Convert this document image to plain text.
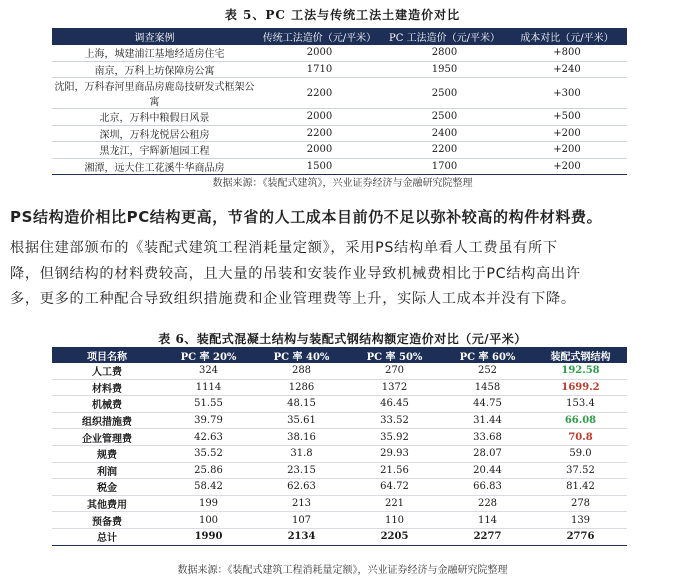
表 5、PC 工法与传统工法土建造价对比
调查案例	传统工法造价（元/平米）	PC 工法造价（元/平米）	成本对比（元/平米）
上海，城建浦江基地经适房住宅	2000	2800	+800
南京，万科上坊保障房公寓	1710	1950	+240
沈阳，万科春河里商品房鹿岛技研发式框架公寓	2200	2500	+300
北京，万科中粮假日风景	2000	2500	+500
深圳，万科龙悦居公租房	2200	2400	+200
黑龙江，宇辉新旭园工程	2000	2200	+200
湘潭，远大住工花溪牛华商品房	1500	1700	+200
数据来源：《装配式建筑》，兴业证券经济与金融研究院整理
PS结构造价相比PC结构更高，节省的人工成本目前仍不足以弥补较高的构件材料费。
根据住建部颁布的《装配式建筑工程消耗量定额》，采用PS结构单看人工费虽有所下
降，但钢结构的材料费较高，且大量的吊装和安装作业导致机械费相比于PC结构高出许
多，更多的工种配合导致组织措施费和企业管理费等上升，实际人工成本并没有下降。
表 6、装配式混凝土结构与装配式钢结构额定造价对比（元/平米）
项目名称	PC 率 20%	PC 率 40%	PC 率 50%	PC 率 60%	装配式钢结构
人工费	324	288	270	252	192.58
材料费	1114	1286	1372	1458	1699.2
机械费	51.55	48.15	46.45	44.75	153.4
组织措施费	39.79	35.61	33.52	31.44	66.08
企业管理费	42.63	38.16	35.92	33.68	70.8
规费	35.52	31.8	29.93	28.07	59.0
利润	25.86	23.15	21.56	20.44	37.52
税金	58.42	62.63	64.72	66.83	81.42
其他费用	199	213	221	228	278
预备费	100	107	110	114	139
总计	1990	2134	2205	2277	2776
数据来源：《装配式建筑工程消耗量定额》，兴业证券经济与金融研究院整理
